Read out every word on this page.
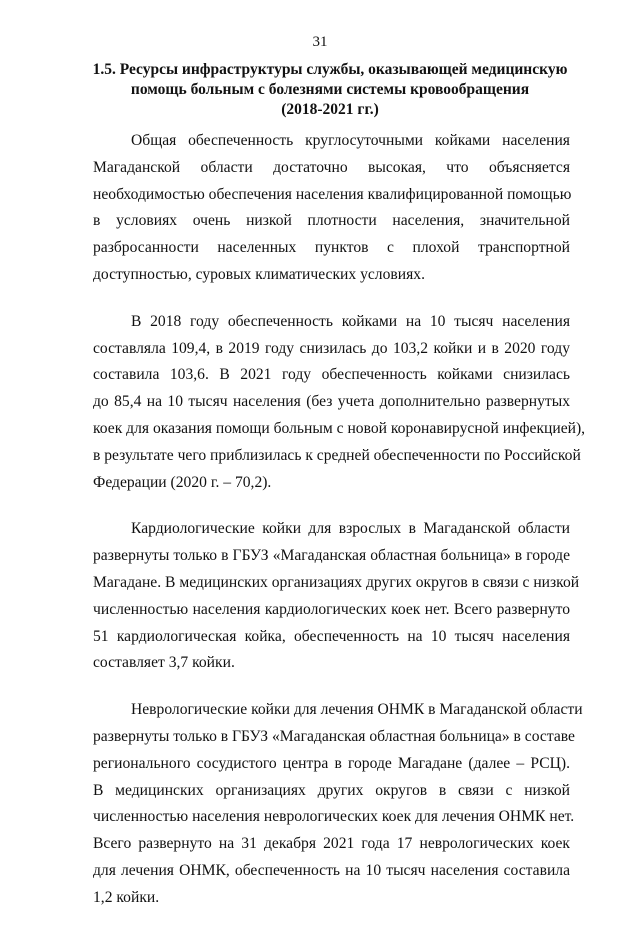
31
1.5. Ресурсы инфраструктуры службы, оказывающей медицинскую
помощь больным с болезнями системы кровообращения
(2018-2021 гг.)
Общая обеспеченность круглосуточными койками населения
Магаданской области достаточно высокая, что объясняется
необходимостью обеспечения населения квалифицированной помощью
в условиях очень низкой плотности населения, значительной
разбросанности населенных пунктов с плохой транспортной
доступностью, суровых климатических условиях.
В 2018 году обеспеченность койками на 10 тысяч населения
составляла 109,4, в 2019 году снизилась до 103,2 койки и в 2020 году
составила 103,6. В 2021 году обеспеченность койками снизилась
до 85,4 на 10 тысяч населения (без учета дополнительно развернутых
коек для оказания помощи больным с новой коронавирусной инфекцией),
в результате чего приблизилась к средней обеспеченности по Российской
Федерации (2020 г. – 70,2).
Кардиологические койки для взрослых в Магаданской области
развернуты только в ГБУЗ «Магаданская областная больница» в городе
Магадане. В медицинских организациях других округов в связи с низкой
численностью населения кардиологических коек нет. Всего развернуто
51 кардиологическая койка, обеспеченность на 10 тысяч населения
составляет 3,7 койки.
Неврологические койки для лечения ОНМК в Магаданской области
развернуты только в ГБУЗ «Магаданская областная больница» в составе
регионального сосудистого центра в городе Магадане (далее – РСЦ).
В медицинских организациях других округов в связи с низкой
численностью населения неврологических коек для лечения ОНМК нет.
Всего развернуто на 31 декабря 2021 года 17 неврологических коек
для лечения ОНМК, обеспеченность на 10 тысяч населения составила
1,2 койки.
